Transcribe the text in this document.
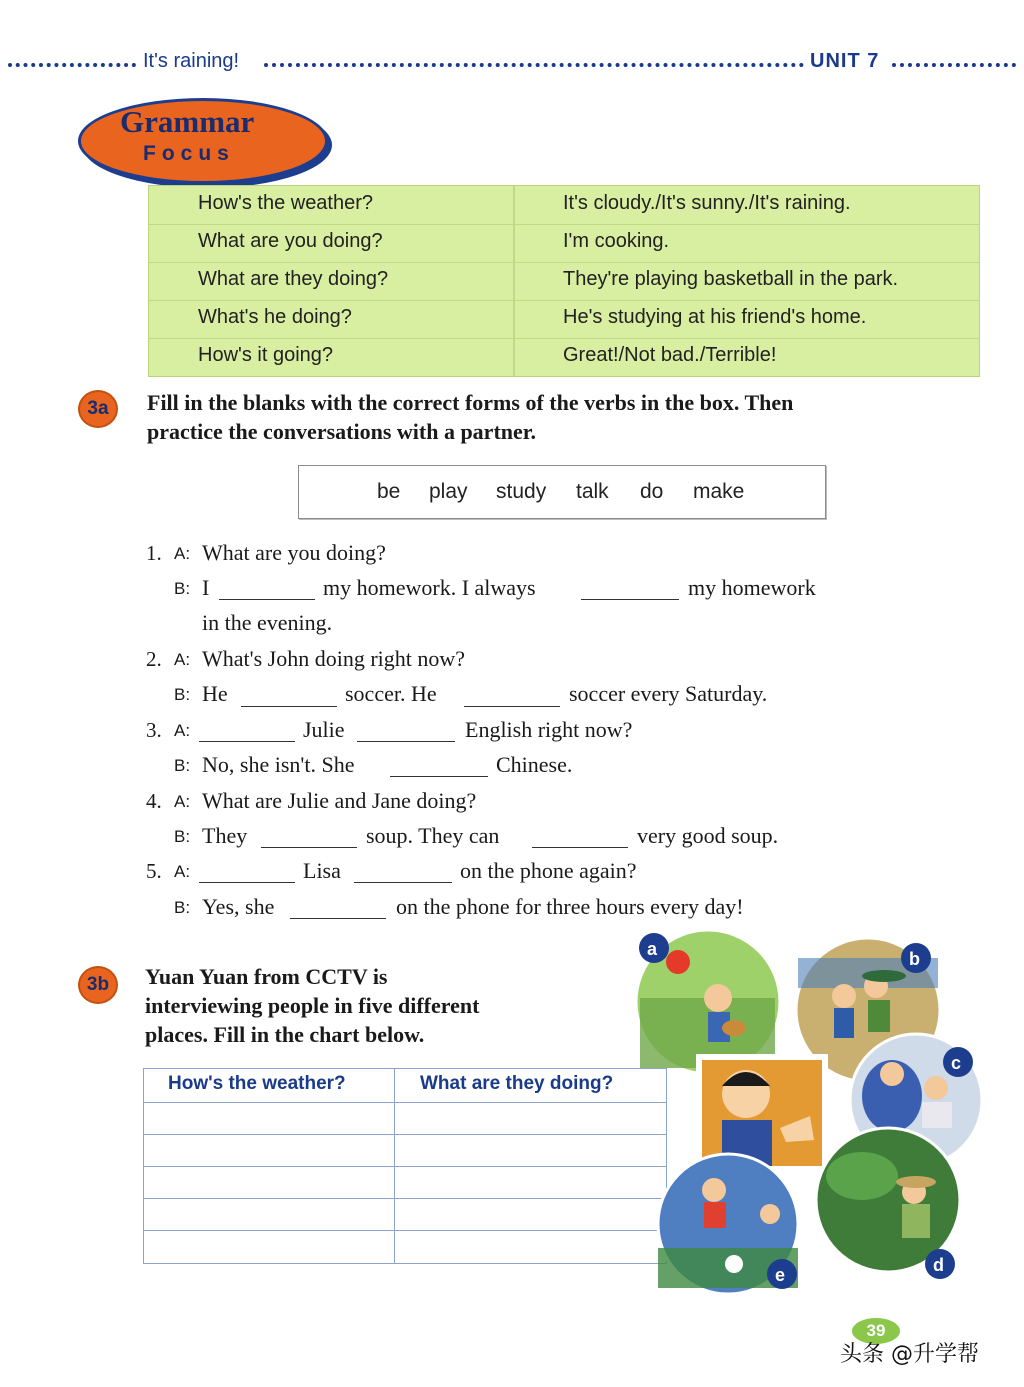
It's raining!	UNIT 7
Grammar
Focus
How's the weather?	It's cloudy./It's sunny./It's raining.
What are you doing?	I'm cooking.
What are they doing?	They're playing basketball in the park.
What's he doing?	He's studying at his friend's home.
How's it going?	Great!/Not bad./Terrible!
3a	Fill in the blanks with the correct forms of the verbs in the box. Then
practice the conversations with a partner.
be play study talk do make
1. A: What are you doing?
B: I	my homework. I always	my homework
in the evening.
2. A: What's John doing right now?
B: He	soccer. He	soccer every Saturday.
3. A:	Julie	English right now?
B: No, she isn't. She	Chinese.
4. A: What are Julie and Jane doing?
B: They	soup. They can	very good soup.
5. A:	Lisa	on the phone again?
B: Yes, she	on the phone for three hours every day!
3b	Yuan Yuan from CCTV is
interviewing people in five different
places. Fill in the chart below.
How's the weather?	What are they doing?
a	b
c
d
e
39
头条 @升学帮
